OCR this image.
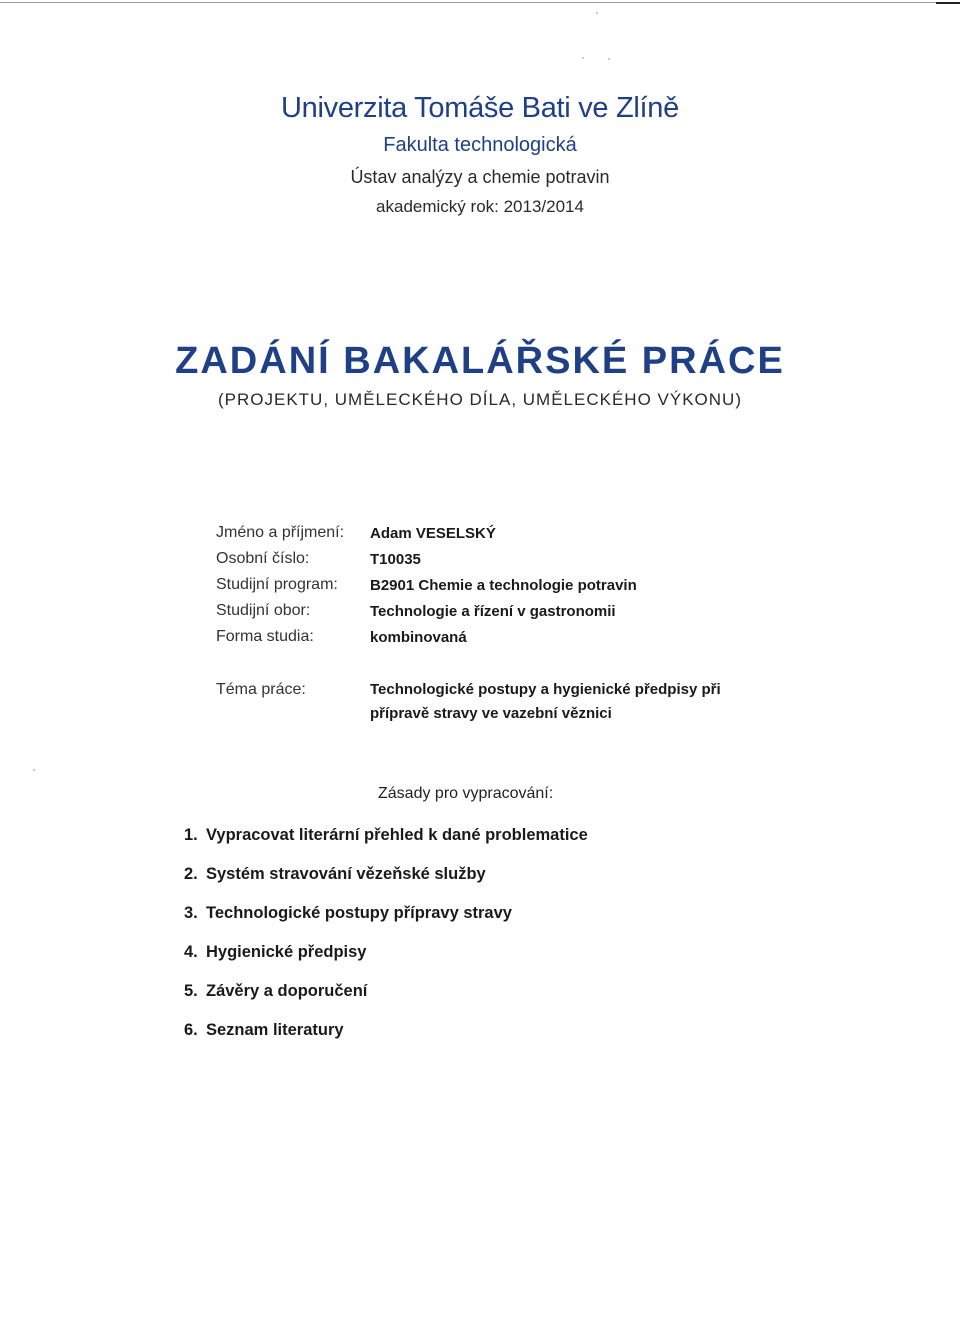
Univerzita Tomáše Bati ve Zlíně
Fakulta technologická
Ústav analýzy a chemie potravin
akademický rok: 2013/2014
ZADÁNÍ BAKALÁŘSKÉ PRÁCE
(PROJEKTU, UMĚLECKÉHO DÍLA, UMĚLECKÉHO VÝKONU)
Jméno a příjmení:	Adam VESELSKÝ
Osobní číslo:	T10035
Studijní program:	B2901 Chemie a technologie potravin
Studijní obor:	Technologie a řízení v gastronomii
Forma studia:	kombinovaná
Téma práce:	Technologické postupy a hygienické předpisy při
přípravě stravy ve vazební věznici
Zásady pro vypracování:
1. Vypracovat literární přehled k dané problematice
2. Systém stravování vězeňské služby
3. Technologické postupy přípravy stravy
4. Hygienické předpisy
5. Závěry a doporučení
6. Seznam literatury
